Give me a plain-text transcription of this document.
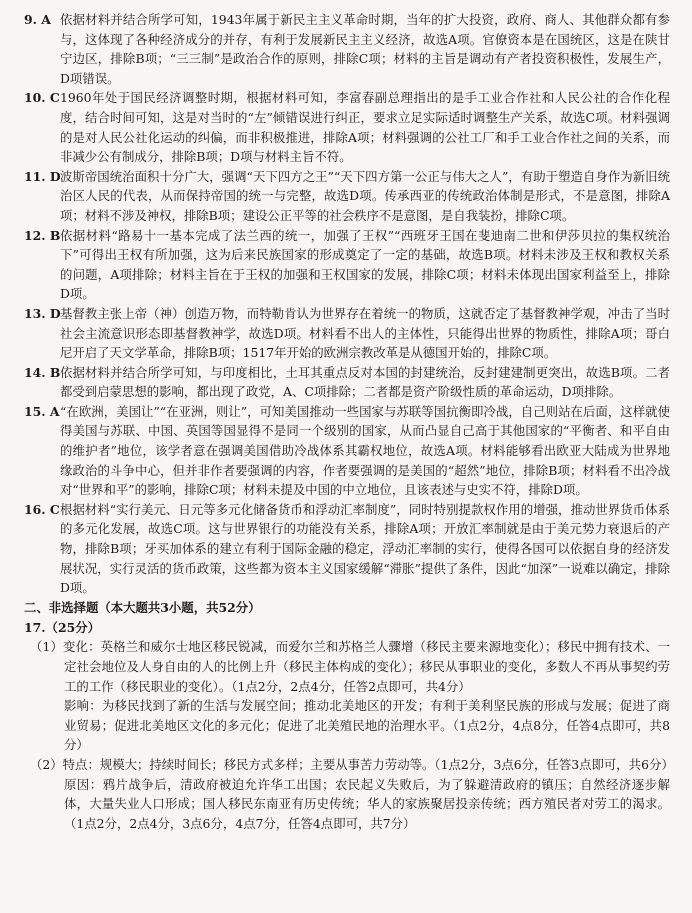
9. A 依据材料并结合所学可知，1943年属于新民主主义革命时期，当年的扩大投资，政府、商人、其他群众都有参与，这体现了各种经济成分的并存，有利于发展新民主主义经济，故选A项。官僚资本是在国统区，这是在陕甘宁边区，排除B项；“三三制”是政治合作的原则，排除C项；材料的主旨是调动有产者投资积极性，发展生产，D项错误。
10. C 1960年处于国民经济调整时期，根据材料可知，李富春副总理指出的是手工业合作社和人民公社的合作化程度，结合时间可知，这是对当时的“左”倾错误进行纠正，要求立足实际适时调整生产关系，故选C项。材料强调的是对人民公社化运动的纠偏，而非积极推进，排除A项；材料强调的公社工厂和手工业合作社之间的关系，而非减少公有制成分，排除B项；D项与材料主旨不符。
11. D 波斯帝国统治面积十分广大，强调“天下四方之王”“天下四方第一公正与伟大之人”，有助于塑造自身作为新旧统治区人民的代表，从而保持帝国的统一与完整，故选D项。传承西亚的传统政治体制是形式，不是意图，排除A项；材料不涉及神权，排除B项；建设公正平等的社会秩序不是意图，是自我装扮，排除C项。
12. B 依据材料“路易十一基本完成了法兰西的统一，加强了王权”“西班牙王国在斐迪南二世和伊莎贝拉的集权统治下”可得出王权有所加强，这为后来民族国家的形成奠定了一定的基础，故选B项。材料未涉及王权和教权关系的问题，A项排除；材料主旨在于王权的加强和王权国家的发展，排除C项；材料未体现出国家利益至上，排除D项。
13. D 基督教主张上帝（神）创造万物，而特勒肯认为世界存在着统一的物质，这就否定了基督教神学观，冲击了当时社会主流意识形态即基督教神学，故选D项。材料看不出人的主体性，只能得出世界的物质性，排除A项；哥白尼开启了天文学革命，排除B项；1517年开始的欧洲宗教改革是从德国开始的，排除C项。
14. B 依据材料并结合所学可知，与印度相比，土耳其重点反对本国的封建统治，反封建建制更突出，故选B项。二者都受到启蒙思想的影响，都出现了政党，A、C项排除；二者都是资产阶级性质的革命运动，D项排除。
15. A “在欧洲，美国让”“在亚洲，则让”，可知美国推动一些国家与苏联等国抗衡即冷战，自己则站在后面，这样就使得美国与苏联、中国、英国等国显得不是同一个级别的国家，从而凸显自己高于其他国家的“平衡者、和平自由的维护者”地位，该学者意在强调美国借助冷战体系其霸权地位，故选A项。材料能够看出欧亚大陆成为世界地缘政治的斗争中心，但并非作者要强调的内容，作者要强调的是美国的“超然”地位，排除B项；材料看不出冷战对“世界和平”的影响，排除C项；材料未提及中国的中立地位，且该表述与史实不符，排除D项。
16. C 根据材料“实行美元、日元等多元化储备货币和浮动汇率制度”，同时特别提款权作用的增强，推动世界货币体系的多元化发展，故选C项。这与世界银行的功能没有关系，排除A项；开放汇率制就是由于美元势力衰退后的产物，排除B项；牙买加体系的建立有利于国际金融的稳定，浮动汇率制的实行，使得各国可以依据自身的经济发展状况，实行灵活的货币政策，这些都为资本主义国家缓解“滞胀”提供了条件，因此“加深”一说难以确定，排除D项。
二、非选择题（本大题共3小题，共52分）
17.（25分）
（1）变化：英格兰和威尔士地区移民锐减，而爱尔兰和苏格兰人骤增（移民主要来源地变化）；移民中拥有技术、一定社会地位及人身自由的人的比例上升（移民主体构成的变化）；移民从事职业的变化，多数人不再从事契约劳工的工作（移民职业的变化）。（1点2分，2点4分，任答2点即可，共4分）
影响：为移民找到了新的生活与发展空间；推动北美地区的开发；有利于美利坚民族的形成与发展；促进了商业贸易；促进北美地区文化的多元化；促进了北美殖民地的治理水平。（1点2分，4点8分，任答4点即可，共8分）
（2）特点：规模大；持续时间长；移民方式多样；主要从事苦力劳动等。（1点2分，3点6分，任答3点即可，共6分）
原因：鸦片战争后，清政府被迫允许华工出国；农民起义失败后，为了躲避清政府的镇压；自然经济逐步解体，大量失业人口形成；国人移民东南亚有历史传统；华人的家族聚居投亲传统；西方殖民者对劳工的渴求。（1点2分，2点4分，3点6分，4点7分，任答4点即可，共7分）
